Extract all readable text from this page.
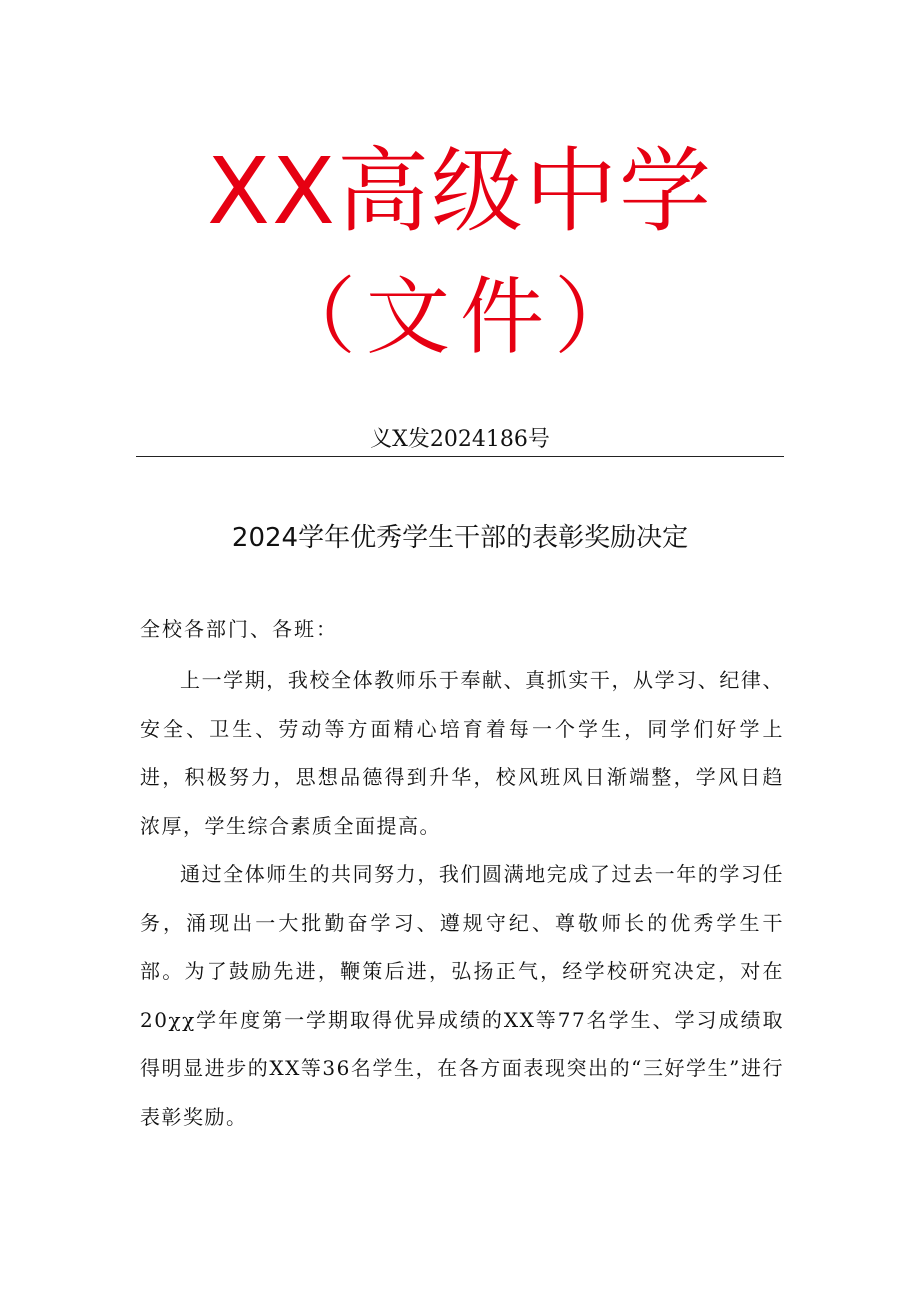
XX高级中学
（文件）
义X发2024186号
2024学年优秀学生干部的表彰奖励决定
全校各部门、各班：

上一学期，我校全体教师乐于奉献、真抓实干，从学习、纪律、安全、卫生、劳动等方面精心培育着每一个学生，同学们好学上进，积极努力，思想品德得到升华，校风班风日渐端整，学风日趋浓厚，学生综合素质全面提高。

通过全体师生的共同努力，我们圆满地完成了过去一年的学习任务，涌现出一大批勤奋学习、遵规守纪、尊敬师长的优秀学生干部。为了鼓励先进，鞭策后进，弘扬正气，经学校研究决定，对在20χχ学年度第一学期取得优异成绩的XX等77名学生、学习成绩取得明显进步的XX等36名学生，在各方面表现突出的“三好学生”进行表彰奖励。
